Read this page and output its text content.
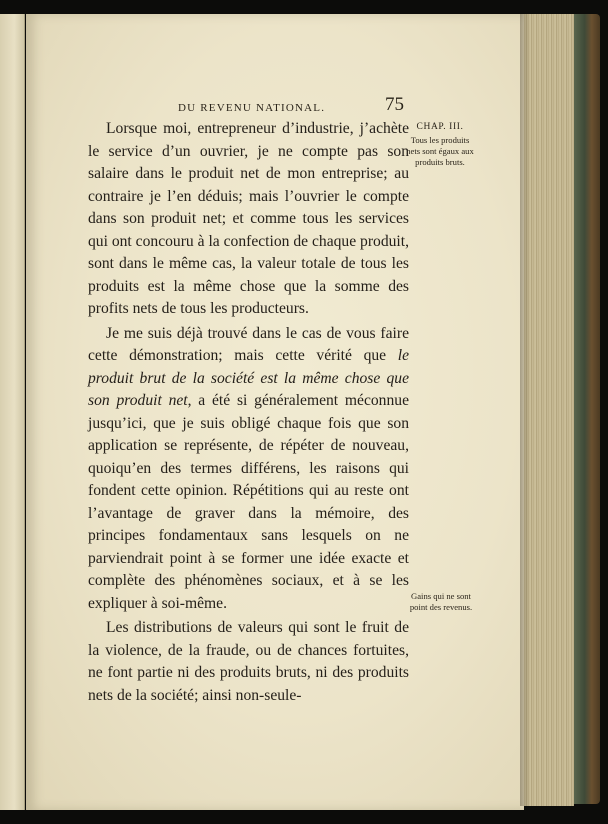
DU REVENU NATIONAL.	75

Lorsque moi, entrepreneur d’industrie, j’achète le service d’un ouvrier, je ne compte pas son salaire dans le produit net de mon entreprise; au contraire je l’en déduis; mais l’ouvrier le compte dans son produit net; et comme tous les services qui ont concouru à la confection de chaque produit, sont dans le même cas, la valeur totale de tous les produits est la même chose que la somme des profits nets de tous les producteurs.

Je me suis déjà trouvé dans le cas de vous faire cette démonstration; mais cette vérité que le produit brut de la société est la même chose que son produit net, a été si généralement méconnue jusqu’ici, que je suis obligé chaque fois que son application se représente, de répéter de nouveau, quoiqu’en des termes différens, les raisons qui fondent cette opinion. Répétitions qui au reste ont l’avantage de graver dans la mémoire, des principes fondamentaux sans lesquels on ne parviendrait point à se former une idée exacte et complète des phénomènes sociaux, et à se les expliquer à soi-même.

Les distributions de valeurs qui sont le fruit de la violence, de la fraude, ou de chances fortuites, ne font partie ni des produits bruts, ni des produits nets de la société; ainsi non-seule-

CHAP. III.
Tous les produits nets sont égaux aux produits bruts.
Gains qui ne sont point des revenus.
